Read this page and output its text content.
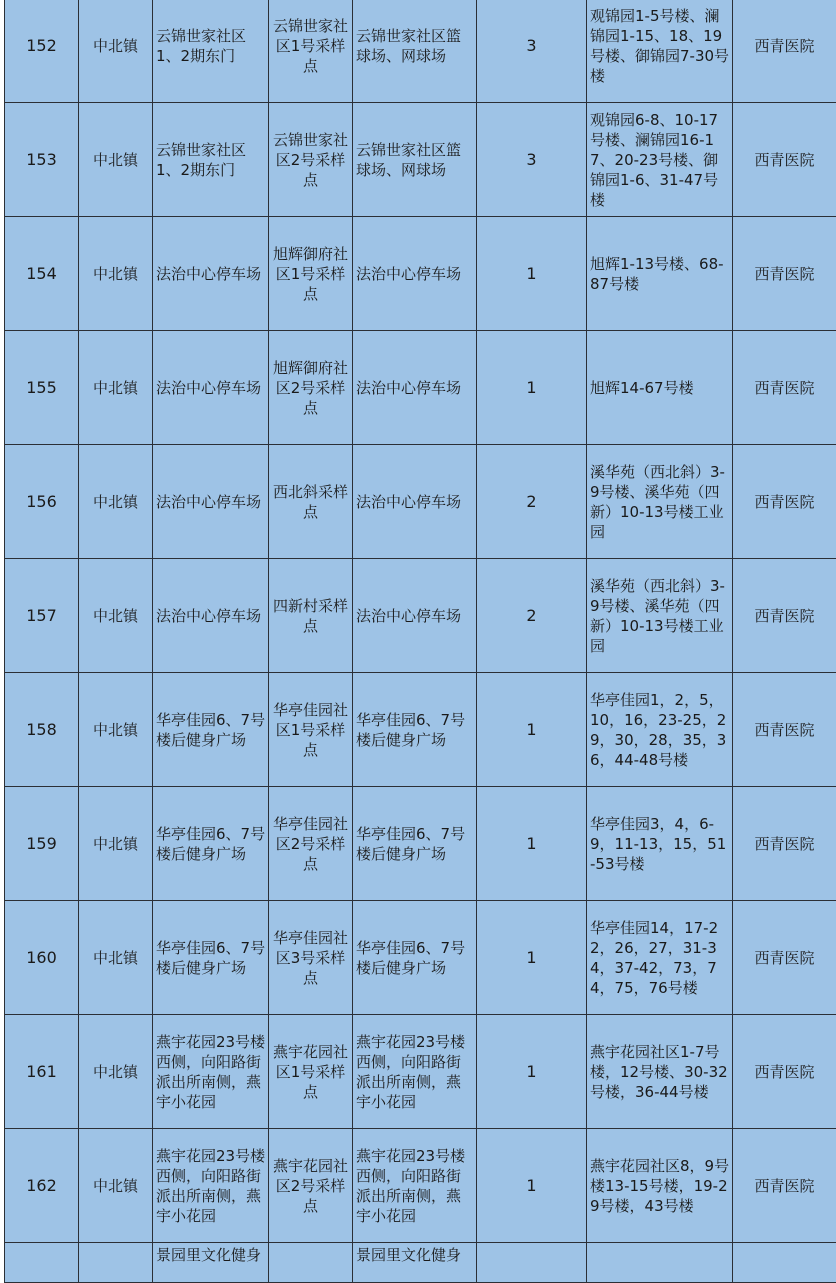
152	中北镇	云锦世家社区1、2期东门	云锦世家社区1号采样点	云锦世家社区篮球场、网球场	3	观锦园1-5号楼、澜锦园1-15、18、19号楼、御锦园7-30号楼	西青医院
153	中北镇	云锦世家社区1、2期东门	云锦世家社区2号采样点	云锦世家社区篮球场、网球场	3	观锦园6-8、10-17号楼、澜锦园16-17、20-23号楼、御锦园1-6、31-47号楼	西青医院
154	中北镇	法治中心停车场	旭辉御府社区1号采样点	法治中心停车场	1	旭辉1-13号楼、68-87号楼	西青医院
155	中北镇	法治中心停车场	旭辉御府社区2号采样点	法治中心停车场	1	旭辉14-67号楼	西青医院
156	中北镇	法治中心停车场	西北斜采样点	法治中心停车场	2	溪华苑（西北斜）3-9号楼、溪华苑（四新）10-13号楼工业园	西青医院
157	中北镇	法治中心停车场	四新村采样点	法治中心停车场	2	溪华苑（西北斜）3-9号楼、溪华苑（四新）10-13号楼工业园	西青医院
158	中北镇	华亭佳园6、7号楼后健身广场	华亭佳园社区1号采样点	华亭佳园6、7号楼后健身广场	1	华亭佳园1，2，5，10，16，23-25，29，30，28，35，36，44-48号楼	西青医院
159	中北镇	华亭佳园6、7号楼后健身广场	华亭佳园社区2号采样点	华亭佳园6、7号楼后健身广场	1	华亭佳园3，4，6-9，11-13，15，51-53号楼	西青医院
160	中北镇	华亭佳园6、7号楼后健身广场	华亭佳园社区3号采样点	华亭佳园6、7号楼后健身广场	1	华亭佳园14，17-22，26，27，31-34，37-42，73，74，75，76号楼	西青医院
161	中北镇	燕宇花园23号楼西侧，向阳路街派出所南侧，燕宇小花园	燕宇花园社区1号采样点	燕宇花园23号楼西侧，向阳路街派出所南侧，燕宇小花园	1	燕宇花园社区1-7号楼，12号楼、30-32号楼，36-44号楼	西青医院
162	中北镇	燕宇花园23号楼西侧，向阳路街派出所南侧，燕宇小花园	燕宇花园社区2号采样点	燕宇花园23号楼西侧，向阳路街派出所南侧，燕宇小花园	1	燕宇花园社区8，9号楼13-15号楼，19-29号楼，43号楼	西青医院
		景园里文化健身		景园里文化健身			
